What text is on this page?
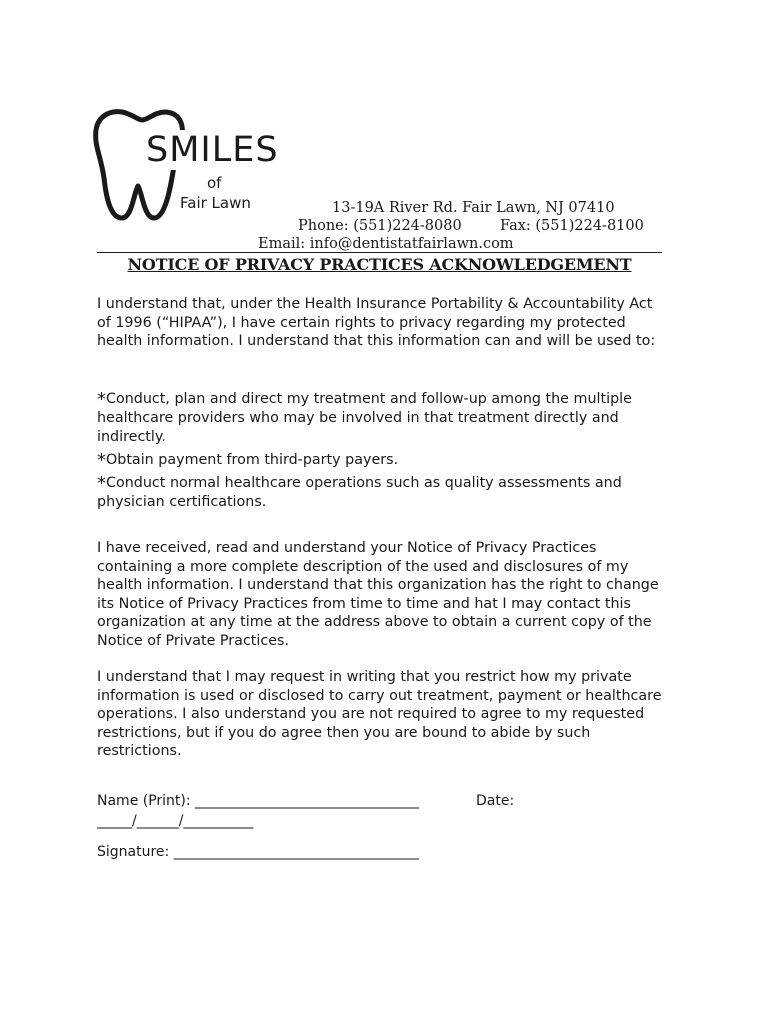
SMILES
of
Fair Lawn	13-19A River Rd. Fair Lawn, NJ 07410
Phone: (551)224-8080	Fax: (551)224-8100
Email: info@dentistatfairlawn.com
NOTICE OF PRIVACY PRACTICES ACKNOWLEDGEMENT

I understand that, under the Health Insurance Portability & Accountability Act of 1996 (“HIPAA”), I have certain rights to privacy regarding my protected health information. I understand that this information can and will be used to:

*Conduct, plan and direct my treatment and follow-up among the multiple healthcare providers who may be involved in that treatment directly and indirectly.

*Obtain payment from third-party payers.

*Conduct normal healthcare operations such as quality assessments and physician certifications.

I have received, read and understand your Notice of Privacy Practices containing a more complete description of the used and disclosures of my health information. I understand that this organization has the right to change its Notice of Privacy Practices from time to time and hat I may contact this organization at any time at the address above to obtain a current copy of the Notice of Private Practices.

I understand that I may request in writing that you restrict how my private information is used or disclosed to carry out treatment, payment or healthcare operations. I also understand you are not required to agree to my requested restrictions, but if you do agree then you are bound to abide by such restrictions.

Name (Print): ________________________________	Date:
_____/______/__________
Signature: ___________________________________
